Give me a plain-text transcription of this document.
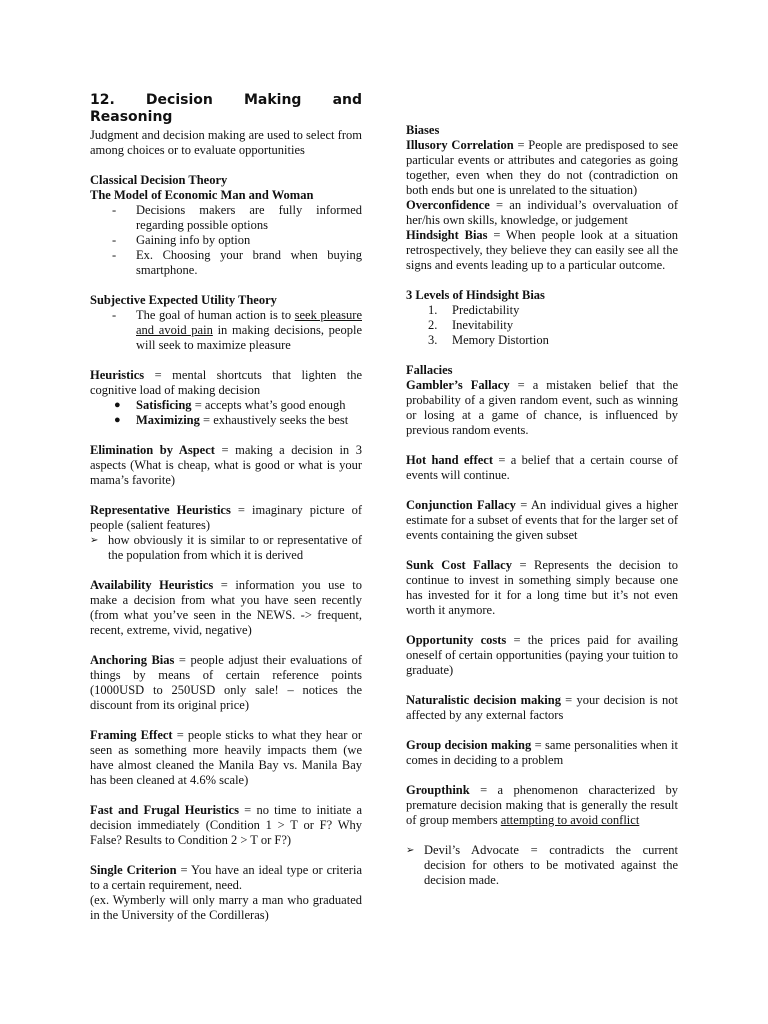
12. Decision Making and

Reasoning

Judgment and decision making are used to select from among choices or to evaluate opportunities

Classical Decision Theory

The Model of Economic Man and Woman

- Decisions makers are fully informed regarding possible options
- Gaining info by option
- Ex. Choosing your brand when buying smartphone.

Subjective Expected Utility Theory

- The goal of human action is to seek pleasure and avoid pain in making decisions, people will seek to maximize pleasure

Heuristics = mental shortcuts that lighten the cognitive load of making decision

● Satisficing = accepts what’s good enough
● Maximizing = exhaustively seeks the best

Elimination by Aspect = making a decision in 3 aspects (What is cheap, what is good or what is your mama’s favorite)

Representative Heuristics = imaginary picture of people (salient features)

➢ how obviously it is similar to or representative of the population from which it is derived

Availability Heuristics = information you use to make a decision from what you have seen recently (from what you’ve seen in the NEWS. -> frequent, recent, extreme, vivid, negative)

Anchoring Bias = people adjust their evaluations of things by means of certain reference points (1000USD to 250USD only sale! – notices the discount from its original price)

Framing Effect = people sticks to what they hear or seen as something more heavily impacts them (we have almost cleaned the Manila Bay vs. Manila Bay has been cleaned at 4.6% scale)

Fast and Frugal Heuristics = no time to initiate a decision immediately (Condition 1 > T or F? Why False? Results to Condition 2 > T or F?)

Single Criterion = You have an ideal type or criteria to a certain requirement, need.

(ex. Wymberly will only marry a man who graduated in the University of the Cordilleras)

Biases

Illusory Correlation = People are predisposed to see particular events or attributes and categories as going together, even when they do not (contradiction on both ends but one is unrelated to the situation)

Overconfidence = an individual’s overvaluation of her/his own skills, knowledge, or judgement

Hindsight Bias = When people look at a situation retrospectively, they believe they can easily see all the signs and events leading up to a particular outcome.

3 Levels of Hindsight Bias

1. Predictability
2. Inevitability
3. Memory Distortion

Fallacies

Gambler’s Fallacy = a mistaken belief that the probability of a given random event, such as winning or losing at a game of chance, is influenced by previous random events.

Hot hand effect = a belief that a certain course of events will continue.

Conjunction Fallacy = An individual gives a higher estimate for a subset of events that for the larger set of events containing the given subset

Sunk Cost Fallacy = Represents the decision to continue to invest in something simply because one has invested for it for a long time but it’s not even worth it anymore.

Opportunity costs = the prices paid for availing oneself of certain opportunities (paying your tuition to graduate)

Naturalistic decision making = your decision is not affected by any external factors

Group decision making = same personalities when it comes in deciding to a problem

Groupthink = a phenomenon characterized by premature decision making that is generally the result of group members attempting to avoid conflict

➢ Devil’s Advocate = contradicts the current decision for others to be motivated against the decision made.
